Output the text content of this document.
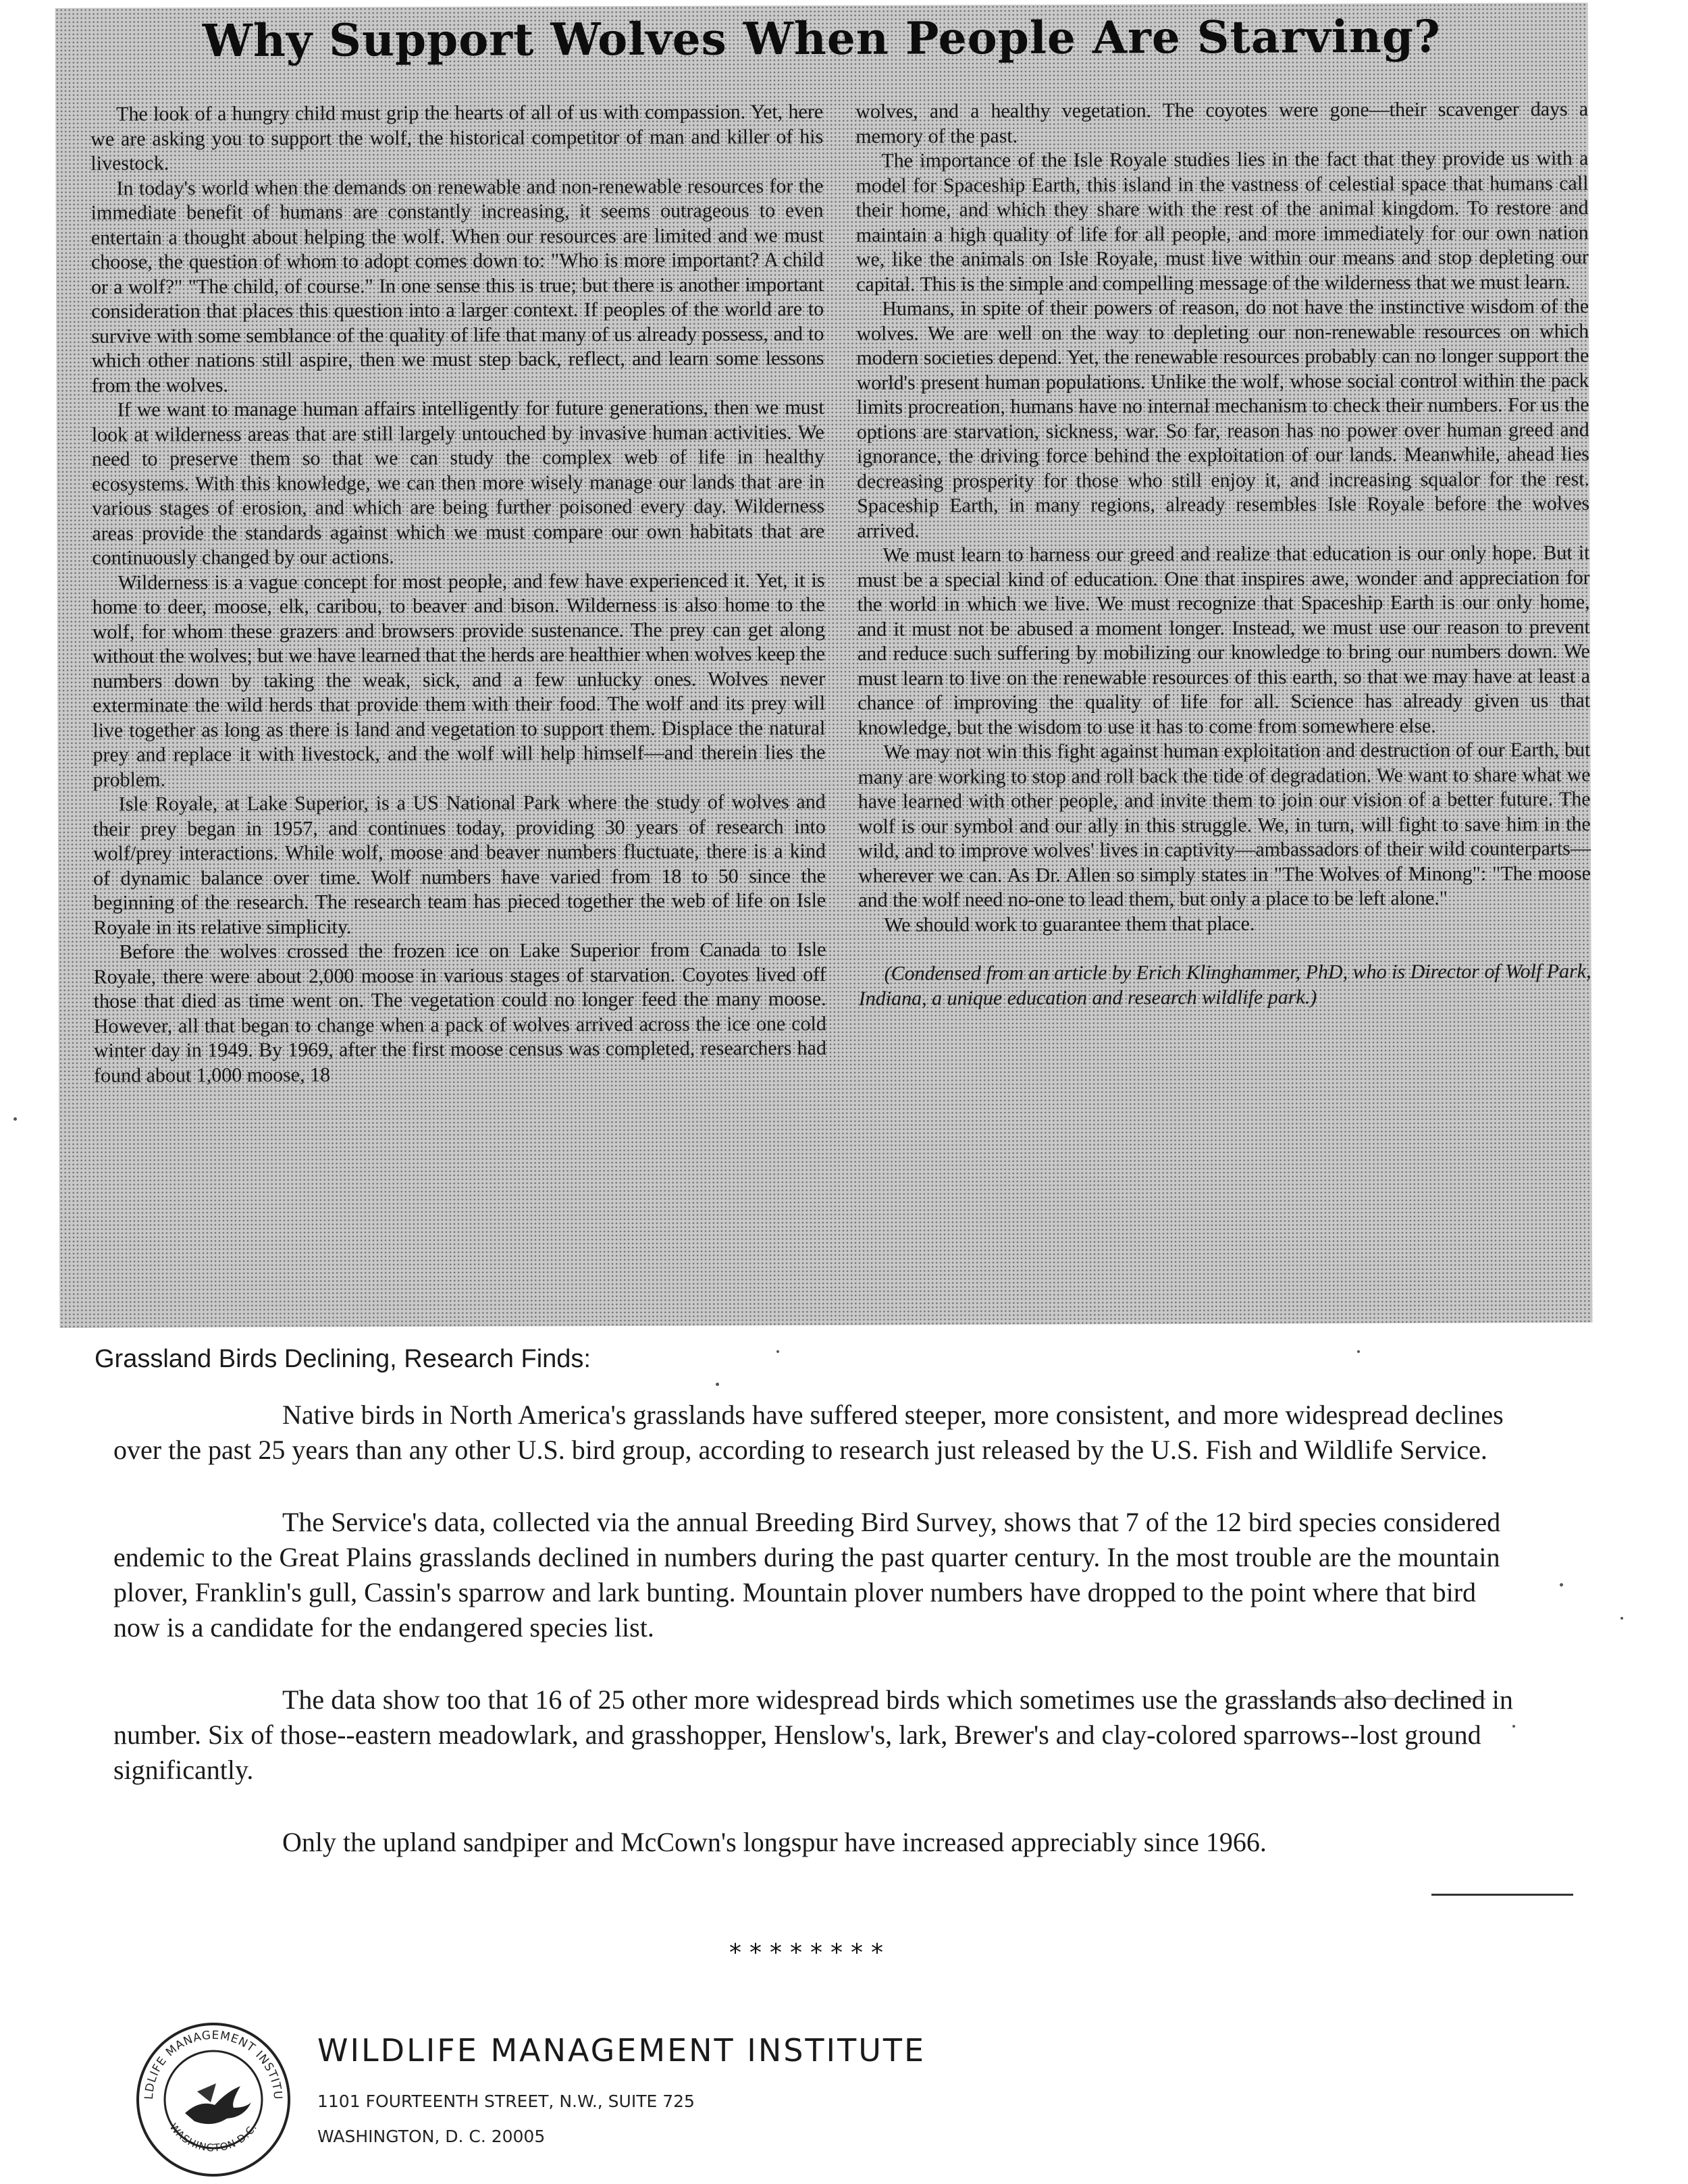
Why Support Wolves When People Are Starving?

The look of a hungry child must grip the hearts of all of us with compassion. Yet, here we are asking you to support the wolf, the historical competitor of man and killer of his livestock.

In today's world when the demands on renewable and non-renewable resources for the immediate benefit of humans are constantly increasing, it seems outrageous to even entertain a thought about helping the wolf. When our resources are limited and we must choose, the question of whom to adopt comes down to: "Who is more important? A child or a wolf?" "The child, of course." In one sense this is true; but there is another important consideration that places this question into a larger context. If peoples of the world are to survive with some semblance of the quality of life that many of us already possess, and to which other nations still aspire, then we must step back, reflect, and learn some lessons from the wolves.

If we want to manage human affairs intelligently for future generations, then we must look at wilderness areas that are still largely untouched by invasive human activities. We need to preserve them so that we can study the complex web of life in healthy ecosystems. With this knowledge, we can then more wisely manage our lands that are in various stages of erosion, and which are being further poisoned every day. Wilderness areas provide the standards against which we must compare our own habitats that are continuously changed by our actions.

Wilderness is a vague concept for most people, and few have experienced it. Yet, it is home to deer, moose, elk, caribou, to beaver and bison. Wilderness is also home to the wolf, for whom these grazers and browsers provide sustenance. The prey can get along without the wolves; but we have learned that the herds are healthier when wolves keep the numbers down by taking the weak, sick, and a few unlucky ones. Wolves never exterminate the wild herds that provide them with their food. The wolf and its prey will live together as long as there is land and vegetation to support them. Displace the natural prey and replace it with livestock, and the wolf will help himself—and therein lies the problem.

Isle Royale, at Lake Superior, is a US National Park where the study of wolves and their prey began in 1957, and continues today, providing 30 years of research into wolf/prey interactions. While wolf, moose and beaver numbers fluctuate, there is a kind of dynamic balance over time. Wolf numbers have varied from 18 to 50 since the beginning of the research. The research team has pieced together the web of life on Isle Royale in its relative simplicity.

Before the wolves crossed the frozen ice on Lake Superior from Canada to Isle Royale, there were about 2,000 moose in various stages of starvation. Coyotes lived off those that died as time went on. The vegetation could no longer feed the many moose. However, all that began to change when a pack of wolves arrived across the ice one cold winter day in 1949. By 1969, after the first moose census was completed, researchers had found about 1,000 moose, 18

wolves, and a healthy vegetation. The coyotes were gone—their scavenger days a memory of the past.

The importance of the Isle Royale studies lies in the fact that they provide us with a model for Spaceship Earth, this island in the vastness of celestial space that humans call their home, and which they share with the rest of the animal kingdom. To restore and maintain a high quality of life for all people, and more immediately for our own nation we, like the animals on Isle Royale, must live within our means and stop depleting our capital. This is the simple and compelling message of the wilderness that we must learn.

Humans, in spite of their powers of reason, do not have the instinctive wisdom of the wolves. We are well on the way to depleting our non-renewable resources on which modern societies depend. Yet, the renewable resources probably can no longer support the world's present human populations. Unlike the wolf, whose social control within the pack limits procreation, humans have no internal mechanism to check their numbers. For us the options are starvation, sickness, war. So far, reason has no power over human greed and ignorance, the driving force behind the exploitation of our lands. Meanwhile, ahead lies decreasing prosperity for those who still enjoy it, and increasing squalor for the rest. Spaceship Earth, in many regions, already resembles Isle Royale before the wolves arrived.

We must learn to harness our greed and realize that education is our only hope. But it must be a special kind of education. One that inspires awe, wonder and appreciation for the world in which we live. We must recognize that Spaceship Earth is our only home, and it must not be abused a moment longer. Instead, we must use our reason to prevent and reduce such suffering by mobilizing our knowledge to bring our numbers down. We must learn to live on the renewable resources of this earth, so that we may have at least a chance of improving the quality of life for all. Science has already given us that knowledge, but the wisdom to use it has to come from somewhere else.

We may not win this fight against human exploitation and destruction of our Earth, but many are working to stop and roll back the tide of degradation. We want to share what we have learned with other people, and invite them to join our vision of a better future. The wolf is our symbol and our ally in this struggle. We, in turn, will fight to save him in the wild, and to improve wolves' lives in captivity—ambassadors of their wild counterparts—wherever we can. As Dr. Allen so simply states in "The Wolves of Minong": "The moose and the wolf need no-one to lead them, but only a place to be left alone."

We should work to guarantee them that place.

(Condensed from an article by Erich Klinghammer, PhD, who is Director of Wolf Park, Indiana, a unique education and research wildlife park.)

Grassland Birds Declining, Research Finds:

Native birds in North America's grasslands have suffered steeper, more consistent, and more widespread declines over the past 25 years than any other U.S. bird group, according to research just released by the U.S. Fish and Wildlife Service.

The Service's data, collected via the annual Breeding Bird Survey, shows that 7 of the 12 bird species considered endemic to the Great Plains grasslands declined in numbers during the past quarter century. In the most trouble are the mountain plover, Franklin's gull, Cassin's sparrow and lark bunting. Mountain plover numbers have dropped to the point where that bird now is a candidate for the endangered species list.

The data show too that 16 of 25 other more widespread birds which sometimes use the grasslands also declined in number. Six of those--eastern meadowlark, and grasshopper, Henslow's, lark, Brewer's and clay-colored sparrows--lost ground significantly.

Only the upland sandpiper and McCown's longspur have increased appreciably since 1966.

********

LDLIFE MANAGEMENT INSTITU
WASHINGTON D.C.
WILDLIFE MANAGEMENT INSTITUTE

1101 FOURTEENTH STREET, N.W., SUITE 725

WASHINGTON, D. C. 20005
